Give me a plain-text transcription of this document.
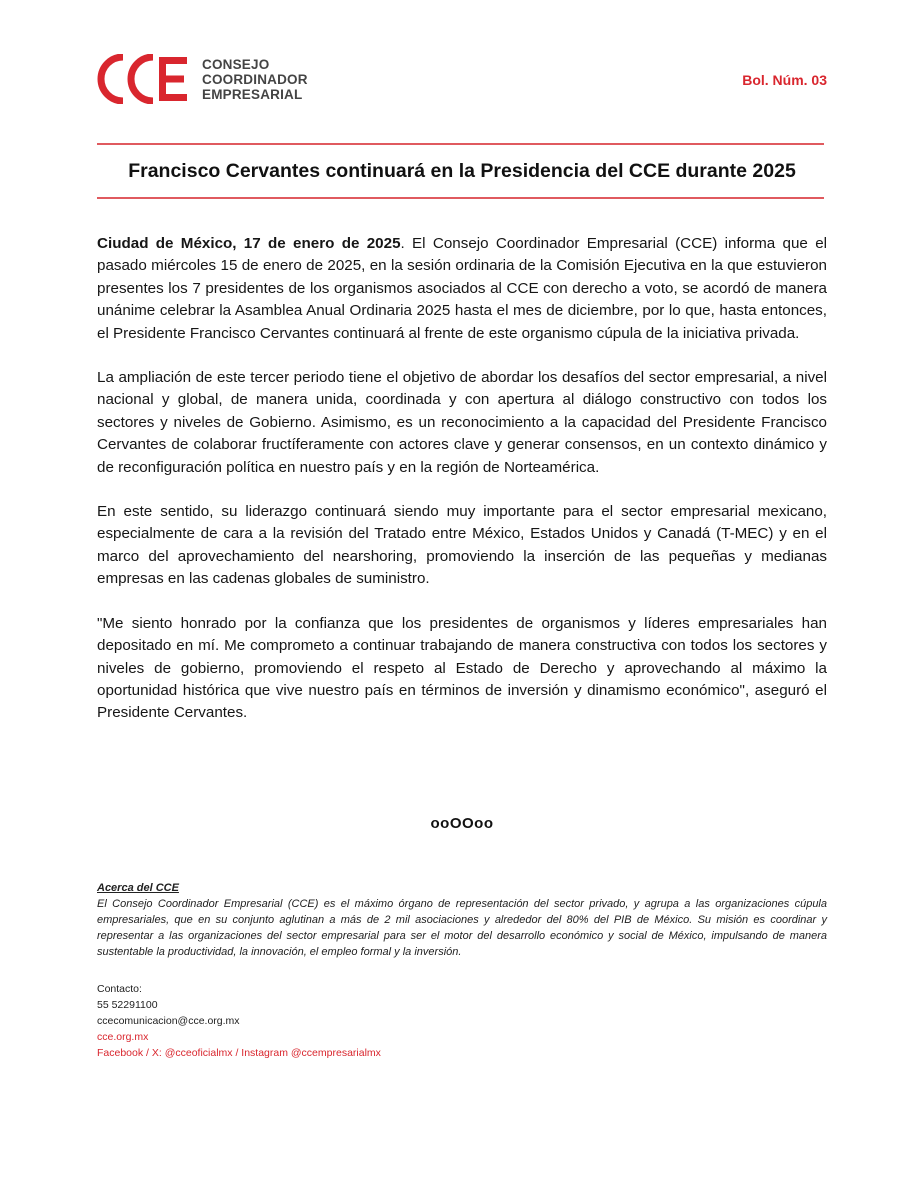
CONSEJO
COORDINADOR
EMPRESARIAL
Bol. Núm. 03
Francisco Cervantes continuará en la Presidencia del CCE durante 2025

Ciudad de México, 17 de enero de 2025. El Consejo Coordinador Empresarial (CCE) informa que el pasado miércoles 15 de enero de 2025, en la sesión ordinaria de la Comisión Ejecutiva en la que estuvieron presentes los 7 presidentes de los organismos asociados al CCE con derecho a voto, se acordó de manera unánime celebrar la Asamblea Anual Ordinaria 2025 hasta el mes de diciembre, por lo que, hasta entonces, el Presidente Francisco Cervantes continuará al frente de este organismo cúpula de la iniciativa privada.

La ampliación de este tercer periodo tiene el objetivo de abordar los desafíos del sector empresarial, a nivel nacional y global, de manera unida, coordinada y con apertura al diálogo constructivo con todos los sectores y niveles de Gobierno. Asimismo, es un reconocimiento a la capacidad del Presidente Francisco Cervantes de colaborar fructíferamente con actores clave y generar consensos, en un contexto dinámico y de reconfiguración política en nuestro país y en la región de Norteamérica.

En este sentido, su liderazgo continuará siendo muy importante para el sector empresarial mexicano, especialmente de cara a la revisión del Tratado entre México, Estados Unidos y Canadá (T-MEC) y en el marco del aprovechamiento del nearshoring, promoviendo la inserción de las pequeñas y medianas empresas en las cadenas globales de suministro.

"Me siento honrado por la confianza que los presidentes de organismos y líderes empresariales han depositado en mí. Me comprometo a continuar trabajando de manera constructiva con todos los sectores y niveles de gobierno, promoviendo el respeto al Estado de Derecho y aprovechando al máximo la oportunidad histórica que vive nuestro país en términos de inversión y dinamismo económico", aseguró el Presidente Cervantes.

ooOOoo
Acerca del CCE
El Consejo Coordinador Empresarial (CCE) es el máximo órgano de representación del sector privado, y agrupa a las organizaciones cúpula empresariales, que en su conjunto aglutinan a más de 2 mil asociaciones y alrededor del 80% del PIB de México. Su misión es coordinar y representar a las organizaciones del sector empresarial para ser el motor del desarrollo económico y social de México, impulsando de manera sustentable la productividad, la innovación, el empleo formal y la inversión.
Contacto:
55 52291100
ccecomunicacion@cce.org.mx
cce.org.mx
Facebook / X: @cceoficialmx / Instagram @ccempresarialmx
